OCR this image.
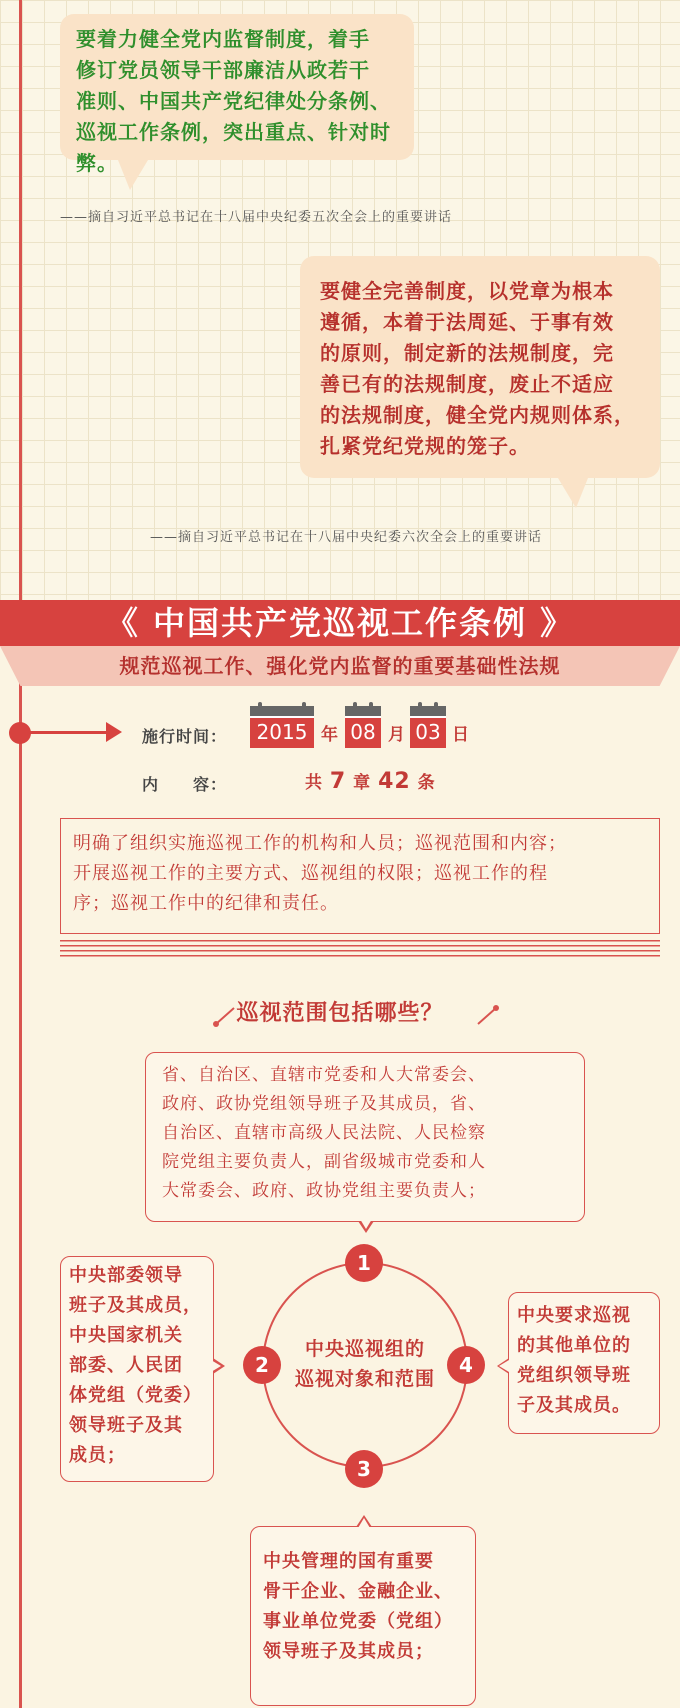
要着力健全党内监督制度，着手
修订党员领导干部廉洁从政若干
准则、中国共产党纪律处分条例、
巡视工作条例，突出重点、针对时弊。
——摘自习近平总书记在十八届中央纪委五次全会上的重要讲话
要健全完善制度，以党章为根本
遵循，本着于法周延、于事有效
的原则，制定新的法规制度，完
善已有的法规制度，废止不适应
的法规制度，健全党内规则体系，
扎紧党纪党规的笼子。
——摘自习近平总书记在十八届中央纪委六次全会上的重要讲话
《 中国共产党巡视工作条例 》
规范巡视工作、强化党内监督的重要基础性法规
施行时间：	2015 年 08 月 03 日
内　　容：	共 7 章 42 条
明确了组织实施巡视工作的机构和人员；巡视范围和内容；
开展巡视工作的主要方式、巡视组的权限；巡视工作的程
序；巡视工作中的纪律和责任。
巡视范围包括哪些？
省、自治区、直辖市党委和人大常委会、
政府、政协党组领导班子及其成员，省、
自治区、直辖市高级人民法院、人民检察
院党组主要负责人，副省级城市党委和人
大常委会、政府、政协党组主要负责人；
中央部委领导
班子及其成员，
中央国家机关
部委、人民团
体党组（党委）
领导班子及其
成员；
中央要求巡视
的其他单位的
党组织领导班
子及其成员。
中央管理的国有重要
骨干企业、金融企业、
事业单位党委（党组）
领导班子及其成员；
中央巡视组的
巡视对象和范围
1
2
3
4
